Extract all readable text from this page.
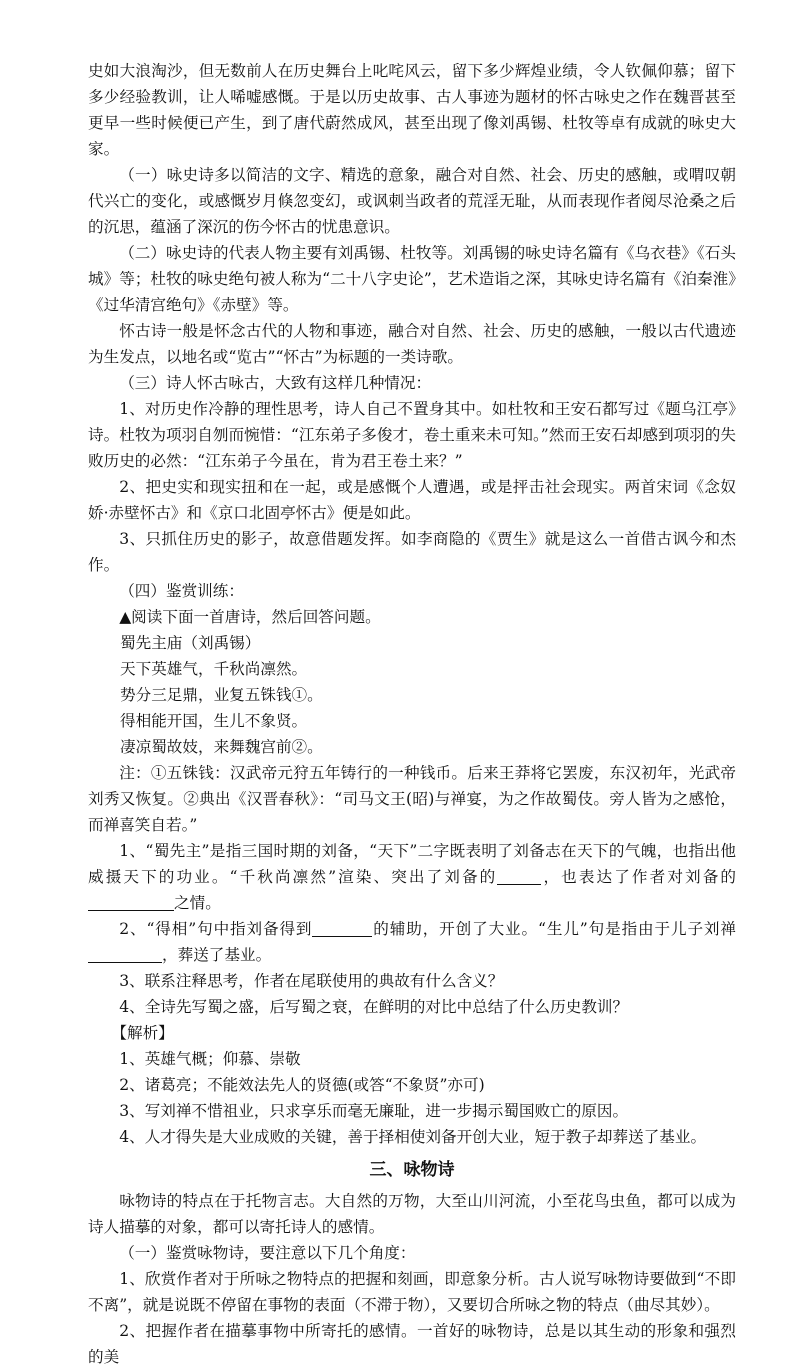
史如大浪淘沙，但无数前人在历史舞台上叱咤风云，留下多少辉煌业绩，令人钦佩仰慕；留下多少经验教训，让人唏嘘感慨。于是以历史故事、古人事迹为题材的怀古咏史之作在魏晋甚至更早一些时候便已产生，到了唐代蔚然成风，甚至出现了像刘禹锡、杜牧等卓有成就的咏史大家。

（一）咏史诗多以简洁的文字、精选的意象，融合对自然、社会、历史的感触，或喟叹朝代兴亡的变化，或感慨岁月倏忽变幻，或讽刺当政者的荒淫无耻，从而表现作者阅尽沧桑之后的沉思，蕴涵了深沉的伤今怀古的忧患意识。

（二）咏史诗的代表人物主要有刘禹锡、杜牧等。刘禹锡的咏史诗名篇有《乌衣巷》《石头城》等；杜牧的咏史绝句被人称为“二十八字史论”，艺术造诣之深，其咏史诗名篇有《泊秦淮》《过华清宫绝句》《赤壁》等。

怀古诗一般是怀念古代的人物和事迹，融合对自然、社会、历史的感触，一般以古代遗迹为生发点，以地名或“览古”“怀古”为标题的一类诗歌。

（三）诗人怀古咏古，大致有这样几种情况：

1、对历史作冷静的理性思考，诗人自己不置身其中。如杜牧和王安石都写过《题乌江亭》诗。杜牧为项羽自刎而惋惜：“江东弟子多俊才，卷土重来未可知。”然而王安石却感到项羽的失败历史的必然：“江东弟子今虽在，肯为君王卷土来？”

2、把史实和现实扭和在一起，或是感慨个人遭遇，或是抨击社会现实。两首宋词《念奴娇·赤壁怀古》和《京口北固亭怀古》便是如此。

3、只抓住历史的影子，故意借题发挥。如李商隐的《贾生》就是这么一首借古讽今和杰作。

（四）鉴赏训练：

▲阅读下面一首唐诗，然后回答问题。

蜀先主庙（刘禹锡）

天下英雄气，千秋尚凛然。

势分三足鼎，业复五铢钱①。

得相能开国，生儿不象贤。

凄凉蜀故妓，来舞魏宫前②。

注：①五铢钱：汉武帝元狩五年铸行的一种钱币。后来王莽将它罢废，东汉初年，光武帝刘秀又恢复。②典出《汉晋春秋》：“司马文王(昭)与禅宴，为之作故蜀伎。旁人皆为之感怆，而禅喜笑自若。”

1、“蜀先主”是指三国时期的刘备，“天下”二字既表明了刘备志在天下的气魄，也指出他威摄天下的功业。“千秋尚凛然”渲染、突出了刘备的	，也表达了作者对刘备的之情。

2、“得相”句中指刘备得到	的辅助，开创了大业。“生儿”句是指由于儿子刘禅，葬送了基业。

3、联系注释思考，作者在尾联使用的典故有什么含义？

4、全诗先写蜀之盛，后写蜀之衰，在鲜明的对比中总结了什么历史教训？

【解析】

1、英雄气概；仰慕、崇敬

2、诸葛亮；不能效法先人的贤德(或答“不象贤”亦可)

3、写刘禅不惜祖业，只求享乐而毫无廉耻，进一步揭示蜀国败亡的原因。

4、人才得失是大业成败的关键，善于择相使刘备开创大业，短于教子却葬送了基业。

三、咏物诗

咏物诗的特点在于托物言志。大自然的万物，大至山川河流，小至花鸟虫鱼，都可以成为诗人描摹的对象，都可以寄托诗人的感情。

（一）鉴赏咏物诗，要注意以下几个角度：

1、欣赏作者对于所咏之物特点的把握和刻画，即意象分析。古人说写咏物诗要做到“不即不离”，就是说既不停留在事物的表面（不滞于物），又要切合所咏之物的特点（曲尽其妙）。

2、把握作者在描摹事物中所寄托的感情。一首好的咏物诗，总是以其生动的形象和强烈的美
